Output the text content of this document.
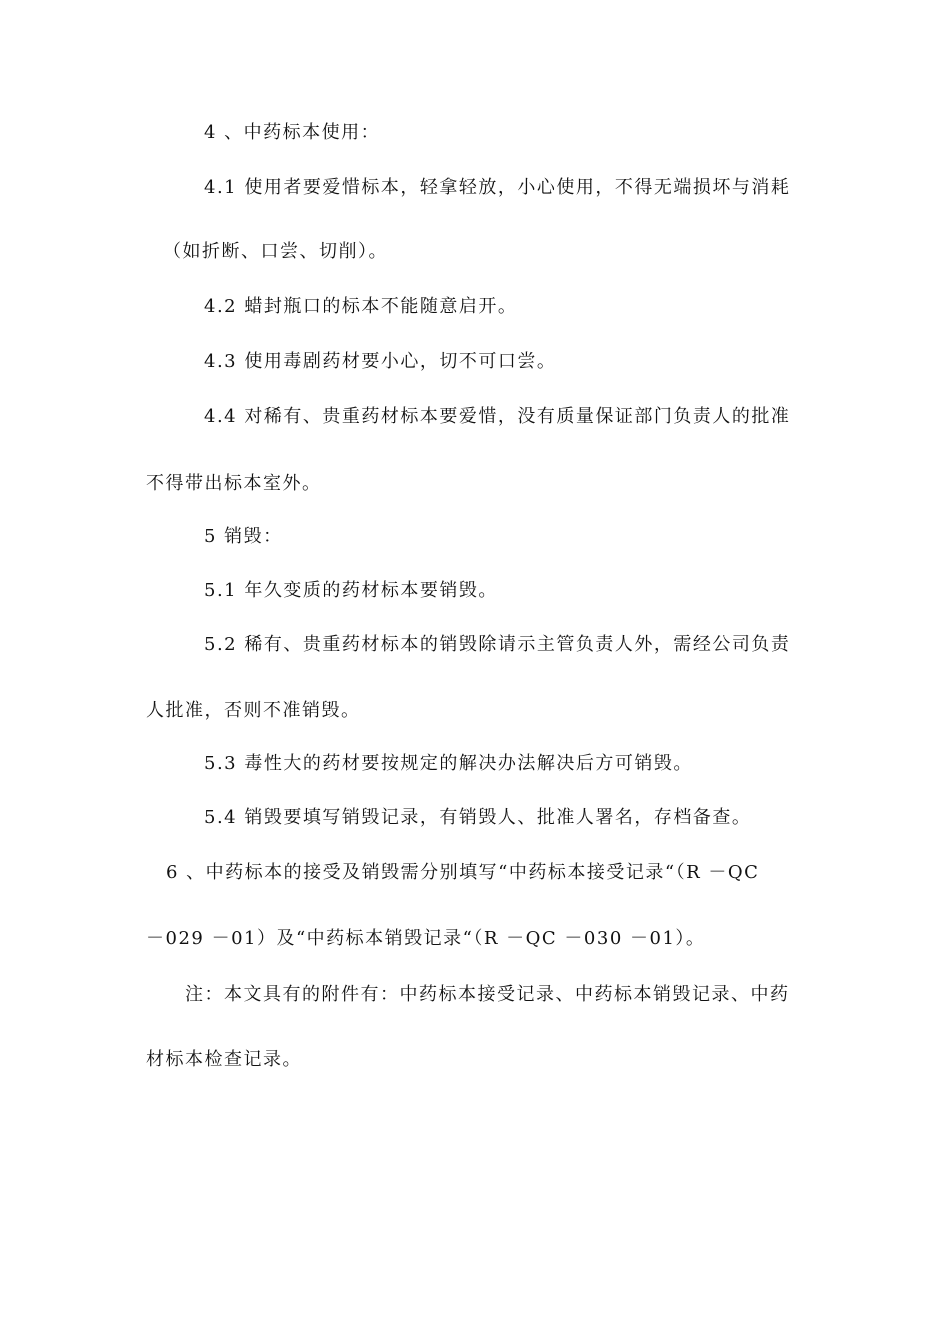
4 、中药标本使用：
4.1 使用者要爱惜标本，轻拿轻放，小心使用，不得无端损坏与消耗
（如折断、口尝、切削）。
4.2 蜡封瓶口的标本不能随意启开。
4.3 使用毒剧药材要小心，切不可口尝。
4.4 对稀有、贵重药材标本要爱惜，没有质量保证部门负责人的批准
不得带出标本室外。
5 销毁：
5.1 年久变质的药材标本要销毁。
5.2 稀有、贵重药材标本的销毁除请示主管负责人外，需经公司负责
人批准，否则不准销毁。
5.3 毒性大的药材要按规定的解决办法解决后方可销毁。
5.4 销毁要填写销毁记录，有销毁人、批准人署名，存档备查。
6 、中药标本的接受及销毁需分别填写“中药标本接受记录“（R －QC
－029 －01）及“中药标本销毁记录“（R －QC －030 －01）。
注：本文具有的附件有：中药标本接受记录、中药标本销毁记录、中药
材标本检查记录。
